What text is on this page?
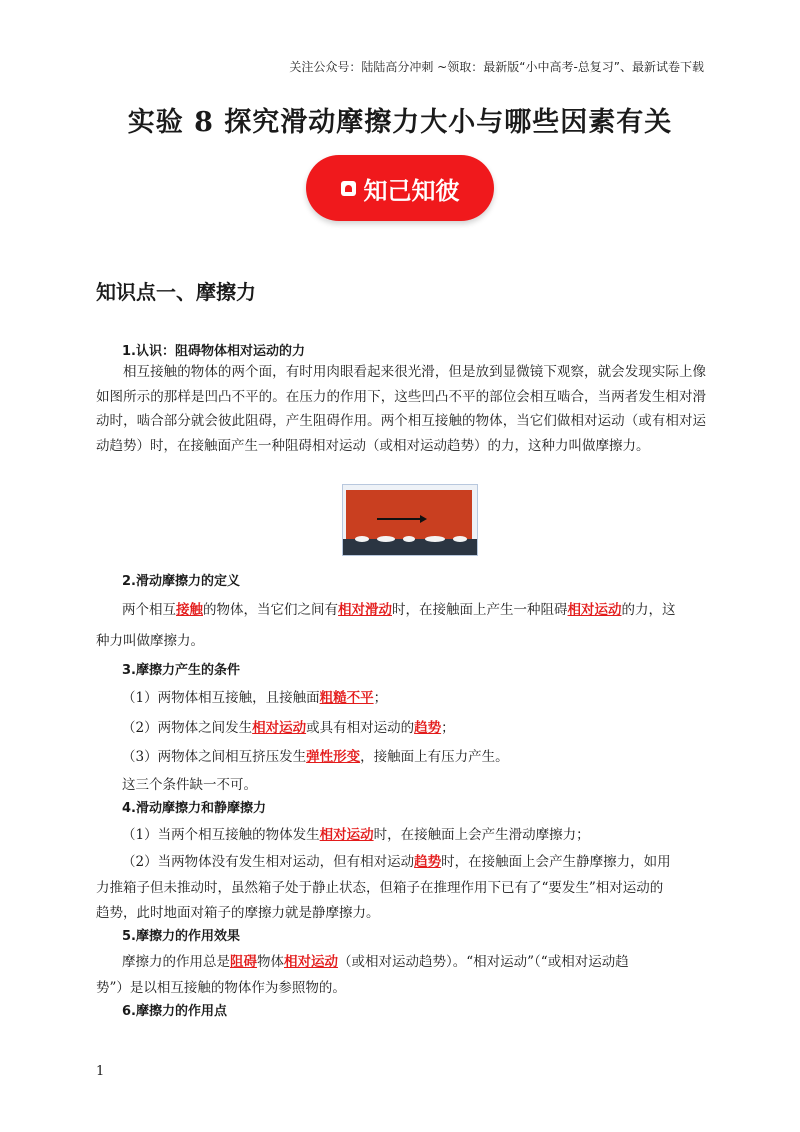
关注公众号：陆陆高分冲刺 ~领取：最新版“小中高考-总复习”、最新试卷下载
实验 8 探究滑动摩擦力大小与哪些因素有关
知己知彼
知识点一、摩擦力
1.认识：阻碍物体相对运动的力
相互接触的物体的两个面，有时用肉眼看起来很光滑，但是放到显微镜下观察，就会发现实际上像如图所示的那样是凹凸不平的。在压力的作用下，这些凹凸不平的部位会相互啮合，当两者发生相对滑动时，啮合部分就会彼此阻碍，产生阻碍作用。两个相互接触的物体，当它们做相对运动（或有相对运动趋势）时，在接触面产生一种阻碍相对运动（或相对运动趋势）的力，这种力叫做摩擦力。
2.滑动摩擦力的定义
两个相互接触的物体，当它们之间有相对滑动时，在接触面上产生一种阻碍相对运动的力，这
种力叫做摩擦力。
3.摩擦力产生的条件
（1）两物体相互接触，且接触面粗糙不平；
（2）两物体之间发生相对运动或具有相对运动的趋势；
（3）两物体之间相互挤压发生弹性形变，接触面上有压力产生。
这三个条件缺一不可。
4.滑动摩擦力和静摩擦力
（1）当两个相互接触的物体发生相对运动时，在接触面上会产生滑动摩擦力；
（2）当两物体没有发生相对运动，但有相对运动趋势时，在接触面上会产生静摩擦力，如用
力推箱子但未推动时，虽然箱子处于静止状态，但箱子在推理作用下已有了“要发生”相对运动的
趋势，此时地面对箱子的摩擦力就是静摩擦力。
5.摩擦力的作用效果
摩擦力的作用总是阻碍物体相对运动（或相对运动趋势）。“相对运动”（“或相对运动趋
势”）是以相互接触的物体作为参照物的。
6.摩擦力的作用点
1
